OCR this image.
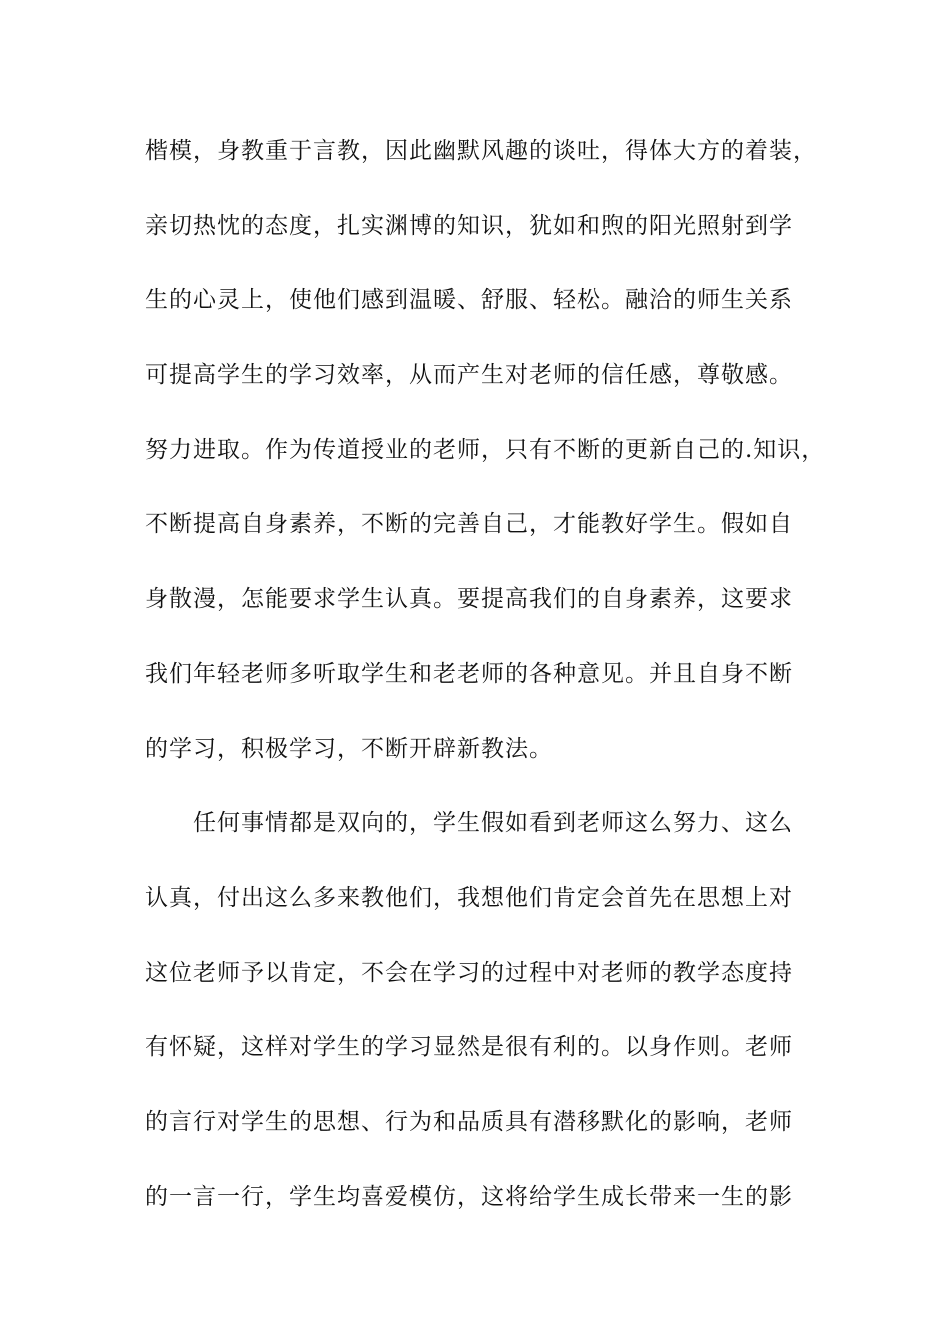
楷模，身教重于言教，因此幽默风趣的谈吐，得体大方的着装，
亲切热忱的态度，扎实渊博的知识，犹如和煦的阳光照射到学
生的心灵上，使他们感到温暖、舒服、轻松。融洽的师生关系
可提高学生的学习效率，从而产生对老师的信任感，尊敬感。
努力进取。作为传道授业的老师，只有不断的更新自己的.知识，
不断提高自身素养，不断的完善自己，才能教好学生。假如自
身散漫，怎能要求学生认真。要提高我们的自身素养，这要求
我们年轻老师多听取学生和老老师的各种意见。并且自身不断
的学习，积极学习，不断开辟新教法。
任何事情都是双向的，学生假如看到老师这么努力、这么
认真，付出这么多来教他们，我想他们肯定会首先在思想上对
这位老师予以肯定，不会在学习的过程中对老师的教学态度持
有怀疑，这样对学生的学习显然是很有利的。以身作则。老师
的言行对学生的思想、行为和品质具有潜移默化的影响，老师
的一言一行，学生均喜爱模仿，这将给学生成长带来一生的影
